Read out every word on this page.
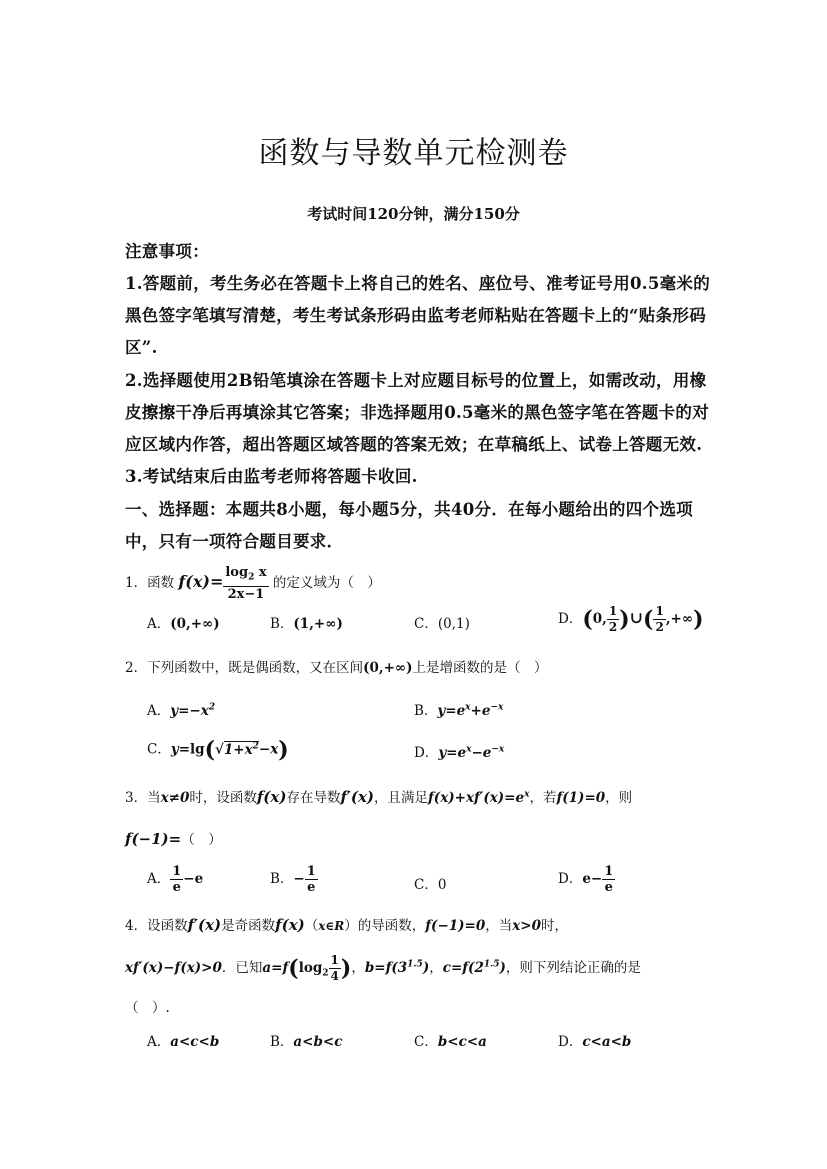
函数与导数单元检测卷
考试时间120分钟，满分150分
注意事项：
1.答题前，考生务必在答题卡上将自己的姓名、座位号、准考证号用0.5毫米的
黑色签字笔填写清楚，考生考试条形码由监考老师粘贴在答题卡上的“贴条形码
区”.
2.选择题使用2B铅笔填涂在答题卡上对应题目标号的位置上，如需改动，用橡
皮擦擦干净后再填涂其它答案；非选择题用0.5毫米的黑色签字笔在答题卡的对
应区域内作答，超出答题区域答题的答案无效；在草稿纸上、试卷上答题无效.
3.考试结束后由监考老师将答题卡收回.
一、选择题：本题共8小题，每小题5分，共40分．在每小题给出的四个选项
中，只有一项符合题目要求．
1．函数 $f(x)= \frac{\log_2 x}{2x-1}$ 的定义域为（　）
A．(0,+∞)	B．(1,+∞)	C．(0,1)	D．(0, $\frac{1}{2}$ )∪( $\frac{1}{2}$ ,+∞)
2．下列函数中，既是偶函数，又在区间(0,+∞)上是增函数的是（　）
A．$y=-x^2$	B．$y=e^x+e^{-x}$
C．$y=\lg(√1+x^2-x)$	D．$y=e^x-e^{-x}$
3．当x≠0时，设函数f(x)存在导数f′(x)，且满足$f(x)+xf'(x)=e^x$，若f(1)=0，则
f(−1)=（　）
A． $\frac{1}{e} -e$	B．− $\frac{1}{e}$	C．0	D．$e- \frac{1}{e}$
4．设函数f′(x)是奇函数f(x)（x∈R）的导函数，f(−1)=0，当x>0时，
xf′(x)−f(x)>0．已知$a=f(\log_2 \frac{1}{4}$ )，$b=f(3^{1.5})$，$c=f(2^{1.5})$，则下列结论正确的是
（　）.
A．a<c<b	B．a<b<c	C．b<c<a	D．c<a<b
